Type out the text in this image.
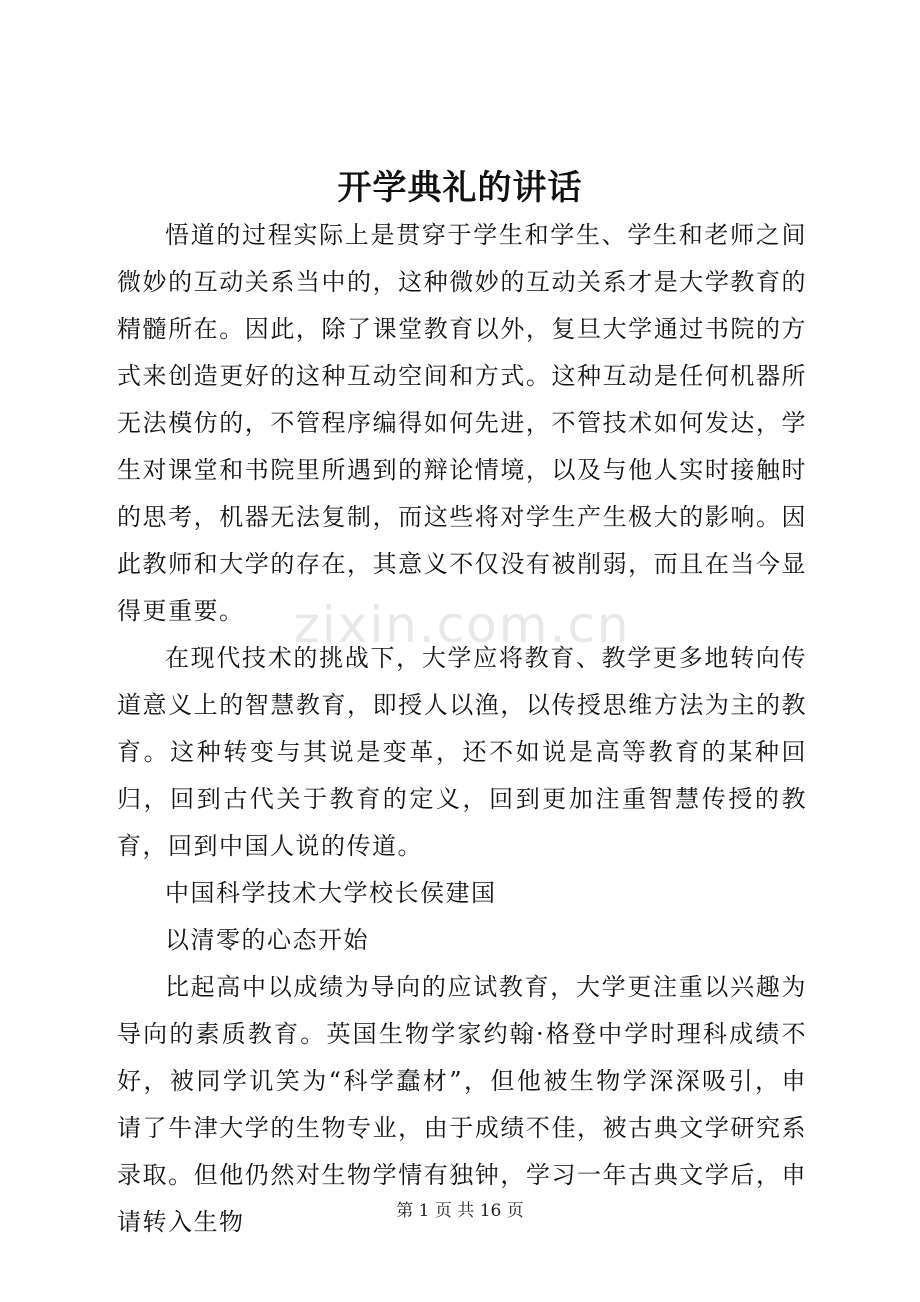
开学典礼的讲话

悟道的过程实际上是贯穿于学生和学生、学生和老师之间微妙的互动关系当中的，这种微妙的互动关系才是大学教育的精髓所在。因此，除了课堂教育以外，复旦大学通过书院的方式来创造更好的这种互动空间和方式。这种互动是任何机器所无法模仿的，不管程序编得如何先进，不管技术如何发达，学生对课堂和书院里所遇到的辩论情境，以及与他人实时接触时的思考，机器无法复制，而这些将对学生产生极大的影响。因此教师和大学的存在，其意义不仅没有被削弱，而且在当今显得更重要。

在现代技术的挑战下，大学应将教育、教学更多地转向传道意义上的智慧教育，即授人以渔，以传授思维方法为主的教育。这种转变与其说是变革，还不如说是高等教育的某种回归，回到古代关于教育的定义，回到更加注重智慧传授的教育，回到中国人说的传道。

中国科学技术大学校长侯建国

以清零的心态开始

比起高中以成绩为导向的应试教育，大学更注重以兴趣为导向的素质教育。英国生物学家约翰·格登中学时理科成绩不好，被同学讥笑为“科学蠢材”，但他被生物学深深吸引，申请了牛津大学的生物专业，由于成绩不佳，被古典文学研究系录取。但他仍然对生物学情有独钟，学习一年古典文学后，申请转入生物

zixin.com.cn
第 1 页 共 16 页
